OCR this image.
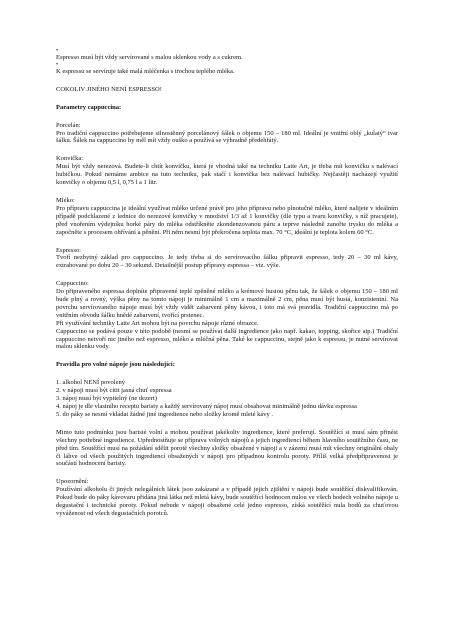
•

Espresso musí být vždy servírované s malou sklenkou vody a s cukrem.

•

K espressu se servíruje také malá mléčenka s trochou teplého mléka.

COKOLIV JINÉHO NENÍ ESPRESSO!

Parametry cappuccina:

Porcelán:

Pro tradiční cappuccino potřebujeme silnostěnný porcelánový šálek o objemu 150 – 180 ml. Ideální je vnitřní oblý „kulatý“ tvar šálku. Šálek na cappuccino by měl mít vždy ouško a používá se výhradně předehřátý.

Konvička:

Musí být vždy nerezová. Budete-li chtít konvičku, která je vhodná také na techniku Latte Art, je třeba mít konvičku s nalévací hubičkou. Pokud nemáme ambice na tuto techniku, pak stačí i konvička bez nalévací hubičky. Nejčastěji nacházejí využití konvičky o objemu 0,5 l, 0,75 l a 1 litr.

Mléko:

Pro přípravu cappuccina je ideální využívat mléko určené právě pro jeho přípravu nebo plnotučné mléko, které nalijete v ideálním případě podchlazené z lednice do nerezové konvičky v množství 1/3 až 1 konvičky (dle typu a tvaru konvičky, s níž pracujete), před vnořením výdejníku horké páry do mléka odstříkněte zkondenzovanou páru a teprve následně zanořte trysku do mléka a započněte s procesem ohřívání a pěnění. Při něm nesmí být překročena teplota max. 70 °C, ideální je teplota kolem 60 °C.

Espresso:

Tvoří nezbytný základ pro cappuccino. Je tedy třeba si do servírovacího šálku připravit espresso, tedy 20 – 30 ml kávy, extrahované po dobu 20 – 30 sekund. Detailnější postup přípravy espressa – viz. výše.

Cappuccino:

Do připraveného espressa doplníte připravené teplé zpěněné mléko a krémové hustou pěnu tak, že šálek o objemu 150 – 180 ml bude plný a rovný, výška pěny na tomto nápoji je minimálně 1 cm a maximálně 2 cm, pěna musí být hustá, konzistentní. Na povrchu servírovaného nápoje musí být vždy vidět zabarvení pěny kávou, i toto má svá pravidla. Tradiční cappuccino má po vnitřním obvodu šálku hnědé zabarvení, tvořící prstenec.

Při využívání techniky Latte Art mohou být na povrchu nápoje různé obrazce.

Cappuccino se podává pouze v této podobě (nesmí se používat další ingredience jako např. kakao, topping, skořice atp.) Tradiční cappuccino netvoří nic jiného než espresso, mléko a mléčná pěna. Také ke cappuccinu, stejně jako k espressu, je nutné servírovat malou sklenku vody.

Pravidla pro volné nápoje jsou následující:

1. alkohol NENÍ povolený

2. v nápoji musí být cítit jasná chuť espressa

3. nápoj musí být vypitelný (ne dezert)

4. nápoj je dle vlastního receptu baristy a každý servírovaný nápoj musí obsahovat minimálně jednu dávku espressa

5. do páky se nesmí vkládat žádné jiné ingredience nebo složky kromě mleté kávy .

Mimo tuto podmínku jsou baristé volní a mohou používat jakékoliv ingredience, které preferují. Soutěžící si musí sám přinést všechny potřebné ingredience. Upřednostňuje se příprava volných nápojů a jejich ingrediencí během hlavního soutěžního času, ne před tím. Soutěžící musí na požádání sdělit porotě všechny složky obsažené v nápoji a v zázemí musí mít všechny originální obaly či láhve od všech použitých ingrediencí obsažených v nápoji pro případnou kontrolu poroty. Příliš velká předpřipravenost je součástí hodnocení baristy.

Upozornění:

Používání alkoholu či jiných nelegálních látek jsou zakázané a v případě jejich zjištění v nápoji bude soutěžící diskvalifikován. Pokud bude do páky kávovaru přidána jiná látka než mletá kávy, bude soutěžící hodnocen nulou ve všech bodech volného nápoje u degustační i technické poroty. Pokud nebude v nápoji obsažené celé jedno espresso, získá soutěžící nula bodů za chuťovou vyváženost od všech degustačních porotců.
